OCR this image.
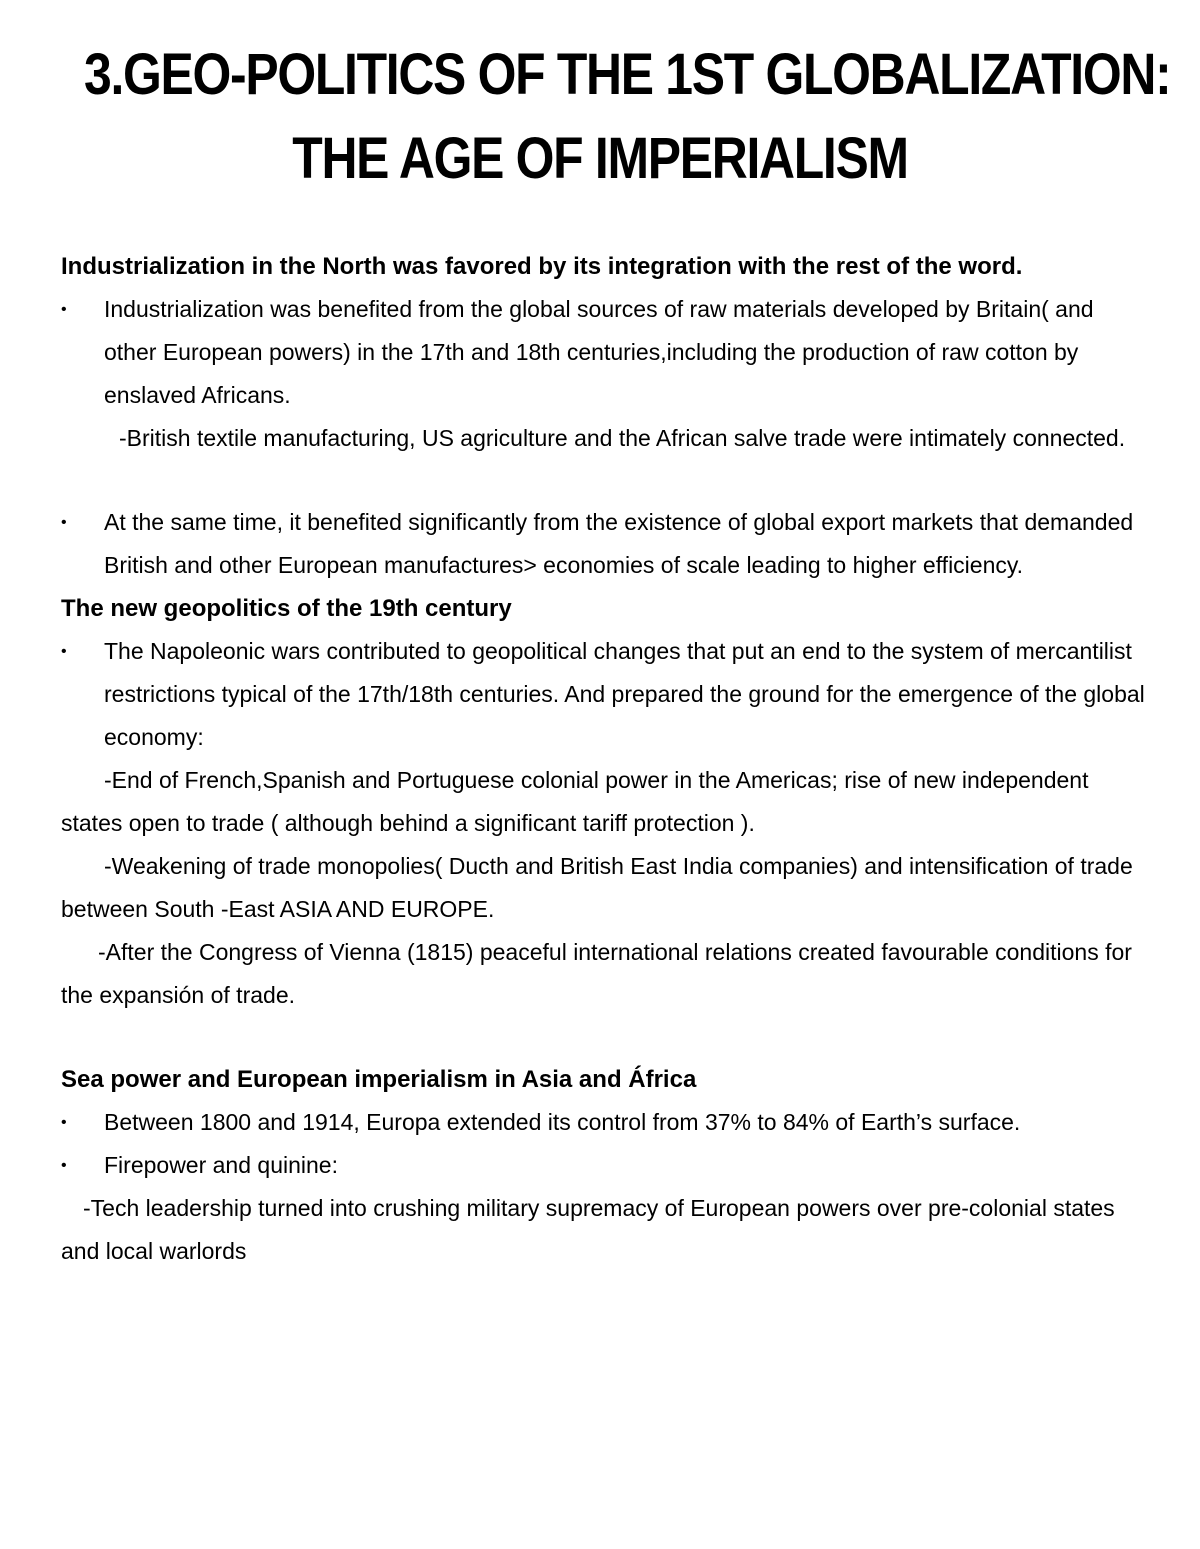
3.GEO-POLITICS OF THE 1ST GLOBALIZATION:
THE AGE OF IMPERIALISM

Industrialization in the North was favored by its integration with the rest of the word.

•	Industrialization was benefited from the global sources of raw materials developed by Britain( and other European powers) in the 17th and 18th centuries,including the production of raw cotton by enslaved Africans.

-British textile manufacturing, US agriculture and the African salve trade were intimately connected.

•	At the same time, it benefited significantly from the existence of global export markets that demanded British and other European manufactures> economies of scale leading to higher efficiency.

The new geopolitics of the 19th century

•	The Napoleonic wars contributed to geopolitical changes that put an end to the system of mercantilist restrictions typical of the 17th/18th centuries. And prepared the ground for the emergence of the global economy:

-End of French,Spanish and Portuguese colonial power in the Americas; rise of new independent states open to trade ( although behind a significant tariff protection ).

-Weakening of trade monopolies( Ducth and British East India companies) and intensification of trade between South -East ASIA AND EUROPE.

-After the Congress of Vienna (1815) peaceful international relations created favourable conditions for the expansión of trade.

Sea power and European imperialism in Asia and África

•	Between 1800 and 1914, Europa extended its control from 37% to 84% of Earth’s surface.

•	Firepower and quinine:

-Tech leadership turned into crushing military supremacy of European powers over pre-colonial states and local warlords
